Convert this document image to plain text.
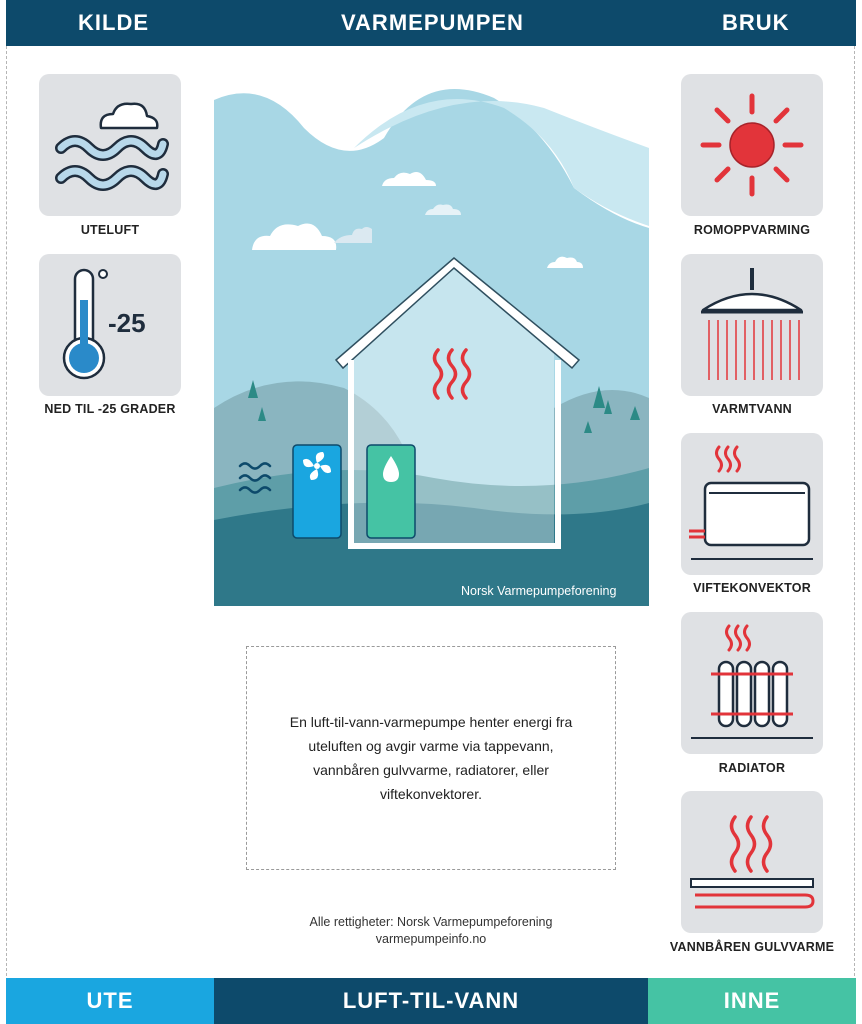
KILDE	VARMEPUMPEN	BRUK
UTELUFT
-25
NED TIL -25 GRADER
Norsk Varmepumpeforening

En luft-til-vann-varmepumpe henter energi fra uteluften og avgir varme via tappevann, vannbåren gulvvarme, radiatorer, eller viftekonvektorer.

Alle rettigheter: Norsk Varmepumpeforening
varmepumpeinfo.no
ROMOPPVARMING
VARMTVANN
VIFTEKONVEKTOR
RADIATOR
VANNBÅREN GULVVARME
UTE	LUFT-TIL-VANN	INNE
